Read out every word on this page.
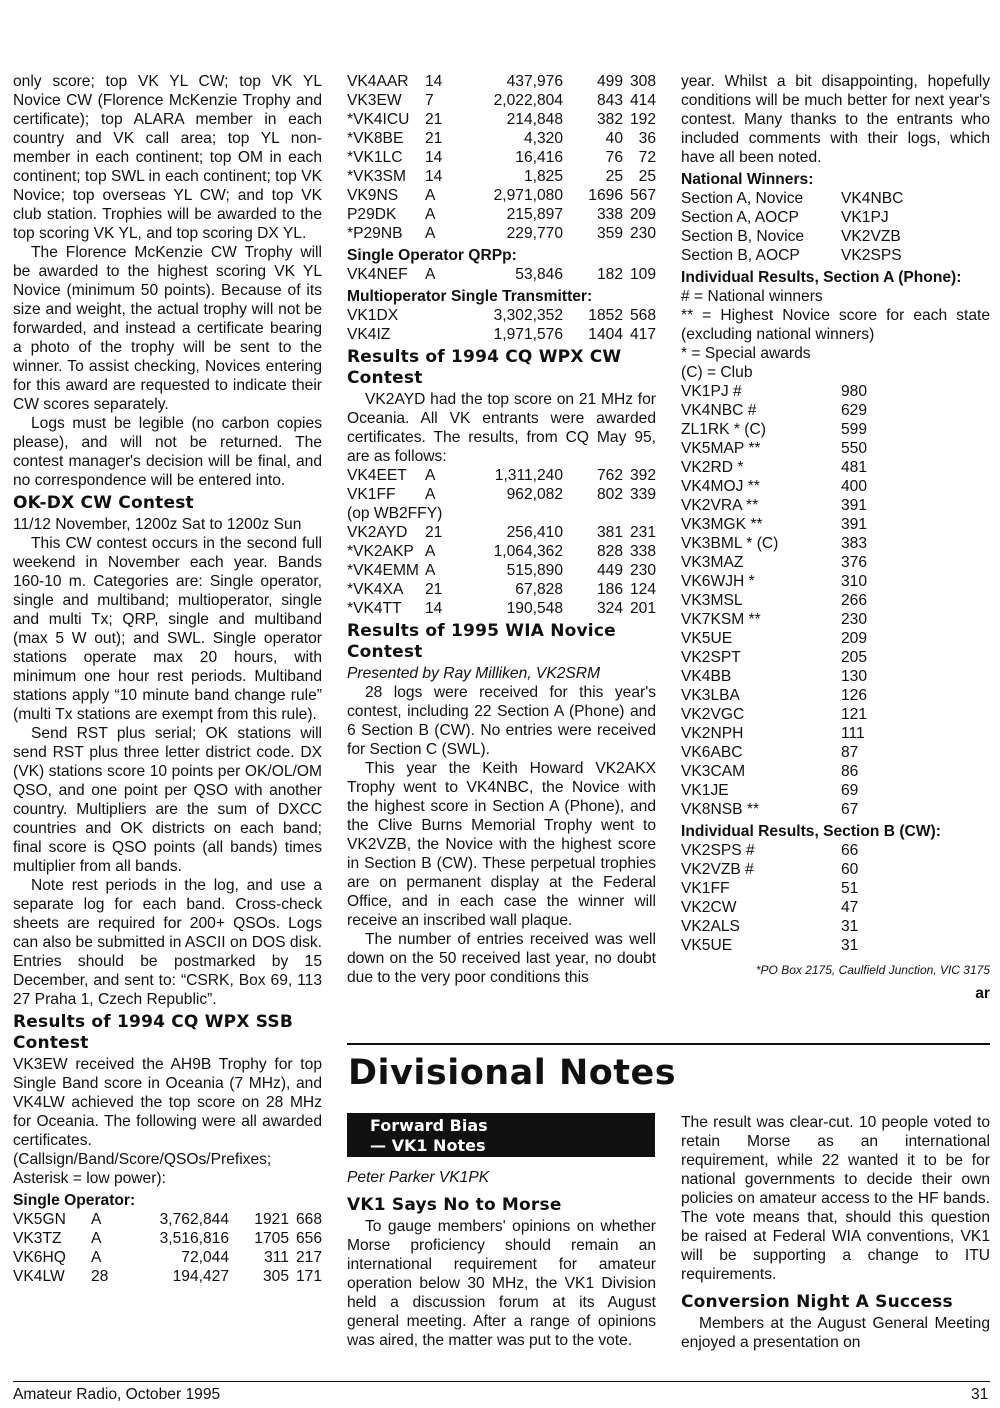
only score; top VK YL CW; top VK YL Novice CW (Florence McKenzie Trophy and certificate); top ALARA member in each country and VK call area; top YL non-member in each continent; top OM in each continent; top SWL in each continent; top VK Novice; top overseas YL CW; and top VK club station. Trophies will be awarded to the top scoring VK YL, and top scoring DX YL.

The Florence McKenzie CW Trophy will be awarded to the highest scoring VK YL Novice (minimum 50 points). Because of its size and weight, the actual trophy will not be forwarded, and instead a certificate bearing a photo of the trophy will be sent to the winner. To assist checking, Novices entering for this award are requested to indicate their CW scores separately.

Logs must be legible (no carbon copies please), and will not be returned. The contest manager's decision will be final, and no correspondence will be entered into.

OK-DX CW Contest

11/12 November, 1200z Sat to 1200z Sun

This CW contest occurs in the second full weekend in November each year. Bands 160-10 m. Categories are: Single operator, single and multiband; multioperator, single and multi Tx; QRP, single and multiband (max 5 W out); and SWL. Single operator stations operate max 20 hours, with minimum one hour rest periods. Multiband stations apply “10 minute band change rule” (multi Tx stations are exempt from this rule).

Send RST plus serial; OK stations will send RST plus three letter district code. DX (VK) stations score 10 points per OK/OL/OM QSO, and one point per QSO with another country. Multipliers are the sum of DXCC countries and OK districts on each band; final score is QSO points (all bands) times multiplier from all bands.

Note rest periods in the log, and use a separate log for each band. Cross-check sheets are required for 200+ QSOs. Logs can also be submitted in ASCII on DOS disk. Entries should be postmarked by 15 December, and sent to: “CSRK, Box 69, 113 27 Praha 1, Czech Republic”.

Results of 1994 CQ WPX SSB Contest

VK3EW received the AH9B Trophy for top Single Band score in Oceania (7 MHz), and VK4LW achieved the top score on 28 MHz for Oceania. The following were all awarded certificates.

(Callsign/Band/Score/QSOs/Prefixes; Asterisk = low power):

Single Operator:
VK5GN	A	3,762,844	1921	668
VK3TZ	A	3,516,816	1705	656
VK6HQ	A	72,044	311	217
VK4LW	28	194,427	305	171
VK4AAR	14	437,976	499	308
VK3EW	7	2,022,804	843	414
*VK4ICU	21	214,848	382	192
*VK8BE	21	4,320	40	36
*VK1LC	14	16,416	76	72
*VK3SM	14	1,825	25	25
VK9NS	A	2,971,080	1696	567
P29DK	A	215,897	338	209
*P29NB	A	229,770	359	230
Single Operator QRPp:
VK4NEF	A	53,846	182	109
Multioperator Single Transmitter:
VK1DX		3,302,352	1852	568
VK4IZ		1,971,576	1404	417
Results of 1994 CQ WPX CW Contest

VK2AYD had the top score on 21 MHz for Oceania. All VK entrants were awarded certificates. The results, from CQ May 95, are as follows:

VK4EET	A	1,311,240	762	392
VK1FF	A	962,082	802	339
(op WB2FFY)				
VK2AYD	21	256,410	381	231
*VK2AKP	A	1,064,362	828	338
*VK4EMM	A	515,890	449	230
*VK4XA	21	67,828	186	124
*VK4TT	14	190,548	324	201
Results of 1995 WIA Novice Contest

Presented by Ray Milliken, VK2SRM

28 logs were received for this year's contest, including 22 Section A (Phone) and 6 Section B (CW). No entries were received for Section C (SWL).

This year the Keith Howard VK2AKX Trophy went to VK4NBC, the Novice with the highest score in Section A (Phone), and the Clive Burns Memorial Trophy went to VK2VZB, the Novice with the highest score in Section B (CW). These perpetual trophies are on permanent display at the Federal Office, and in each case the winner will receive an inscribed wall plaque.

The number of entries received was well down on the 50 received last year, no doubt due to the very poor conditions this

year. Whilst a bit disappointing, hopefully conditions will be much better for next year's contest. Many thanks to the entrants who included comments with their logs, which have all been noted.

National Winners:
Section A, Novice	VK4NBC
Section A, AOCP	VK1PJ
Section B, Novice	VK2VZB
Section B, AOCP	VK2SPS
Individual Results, Section A (Phone):

# = National winners

** = Highest Novice score for each state (excluding national winners)

* = Special awards

(C) = Club

VK1PJ #	980
VK4NBC #	629
ZL1RK * (C)	599
VK5MAP **	550
VK2RD *	481
VK4MOJ **	400
VK2VRA **	391
VK3MGK **	391
VK3BML * (C)	383
VK3MAZ	376
VK6WJH *	310
VK3MSL	266
VK7KSM **	230
VK5UE	209
VK2SPT	205
VK4BB	130
VK3LBA	126
VK2VGC	121
VK2NPH	111
VK6ABC	87
VK3CAM	86
VK1JE	69
VK8NSB **	67
Individual Results, Section B (CW):
VK2SPS #	66
VK2VZB #	60
VK1FF	51
VK2CW	47
VK2ALS	31
VK5UE	31
*PO Box 2175, Caulfield Junction, VIC 3175
ar
Divisional Notes
Forward Bias
— VK1 Notes

Peter Parker VK1PK

VK1 Says No to Morse

To gauge members' opinions on whether Morse proficiency should remain an international requirement for amateur operation below 30 MHz, the VK1 Division held a discussion forum at its August general meeting. After a range of opinions was aired, the matter was put to the vote.

The result was clear-cut. 10 people voted to retain Morse as an international requirement, while 22 wanted it to be for national governments to decide their own policies on amateur access to the HF bands. The vote means that, should this question be raised at Federal WIA conventions, VK1 will be supporting a change to ITU requirements.

Conversion Night A Success

Members at the August General Meeting enjoyed a presentation on

Amateur Radio, October 1995	31
